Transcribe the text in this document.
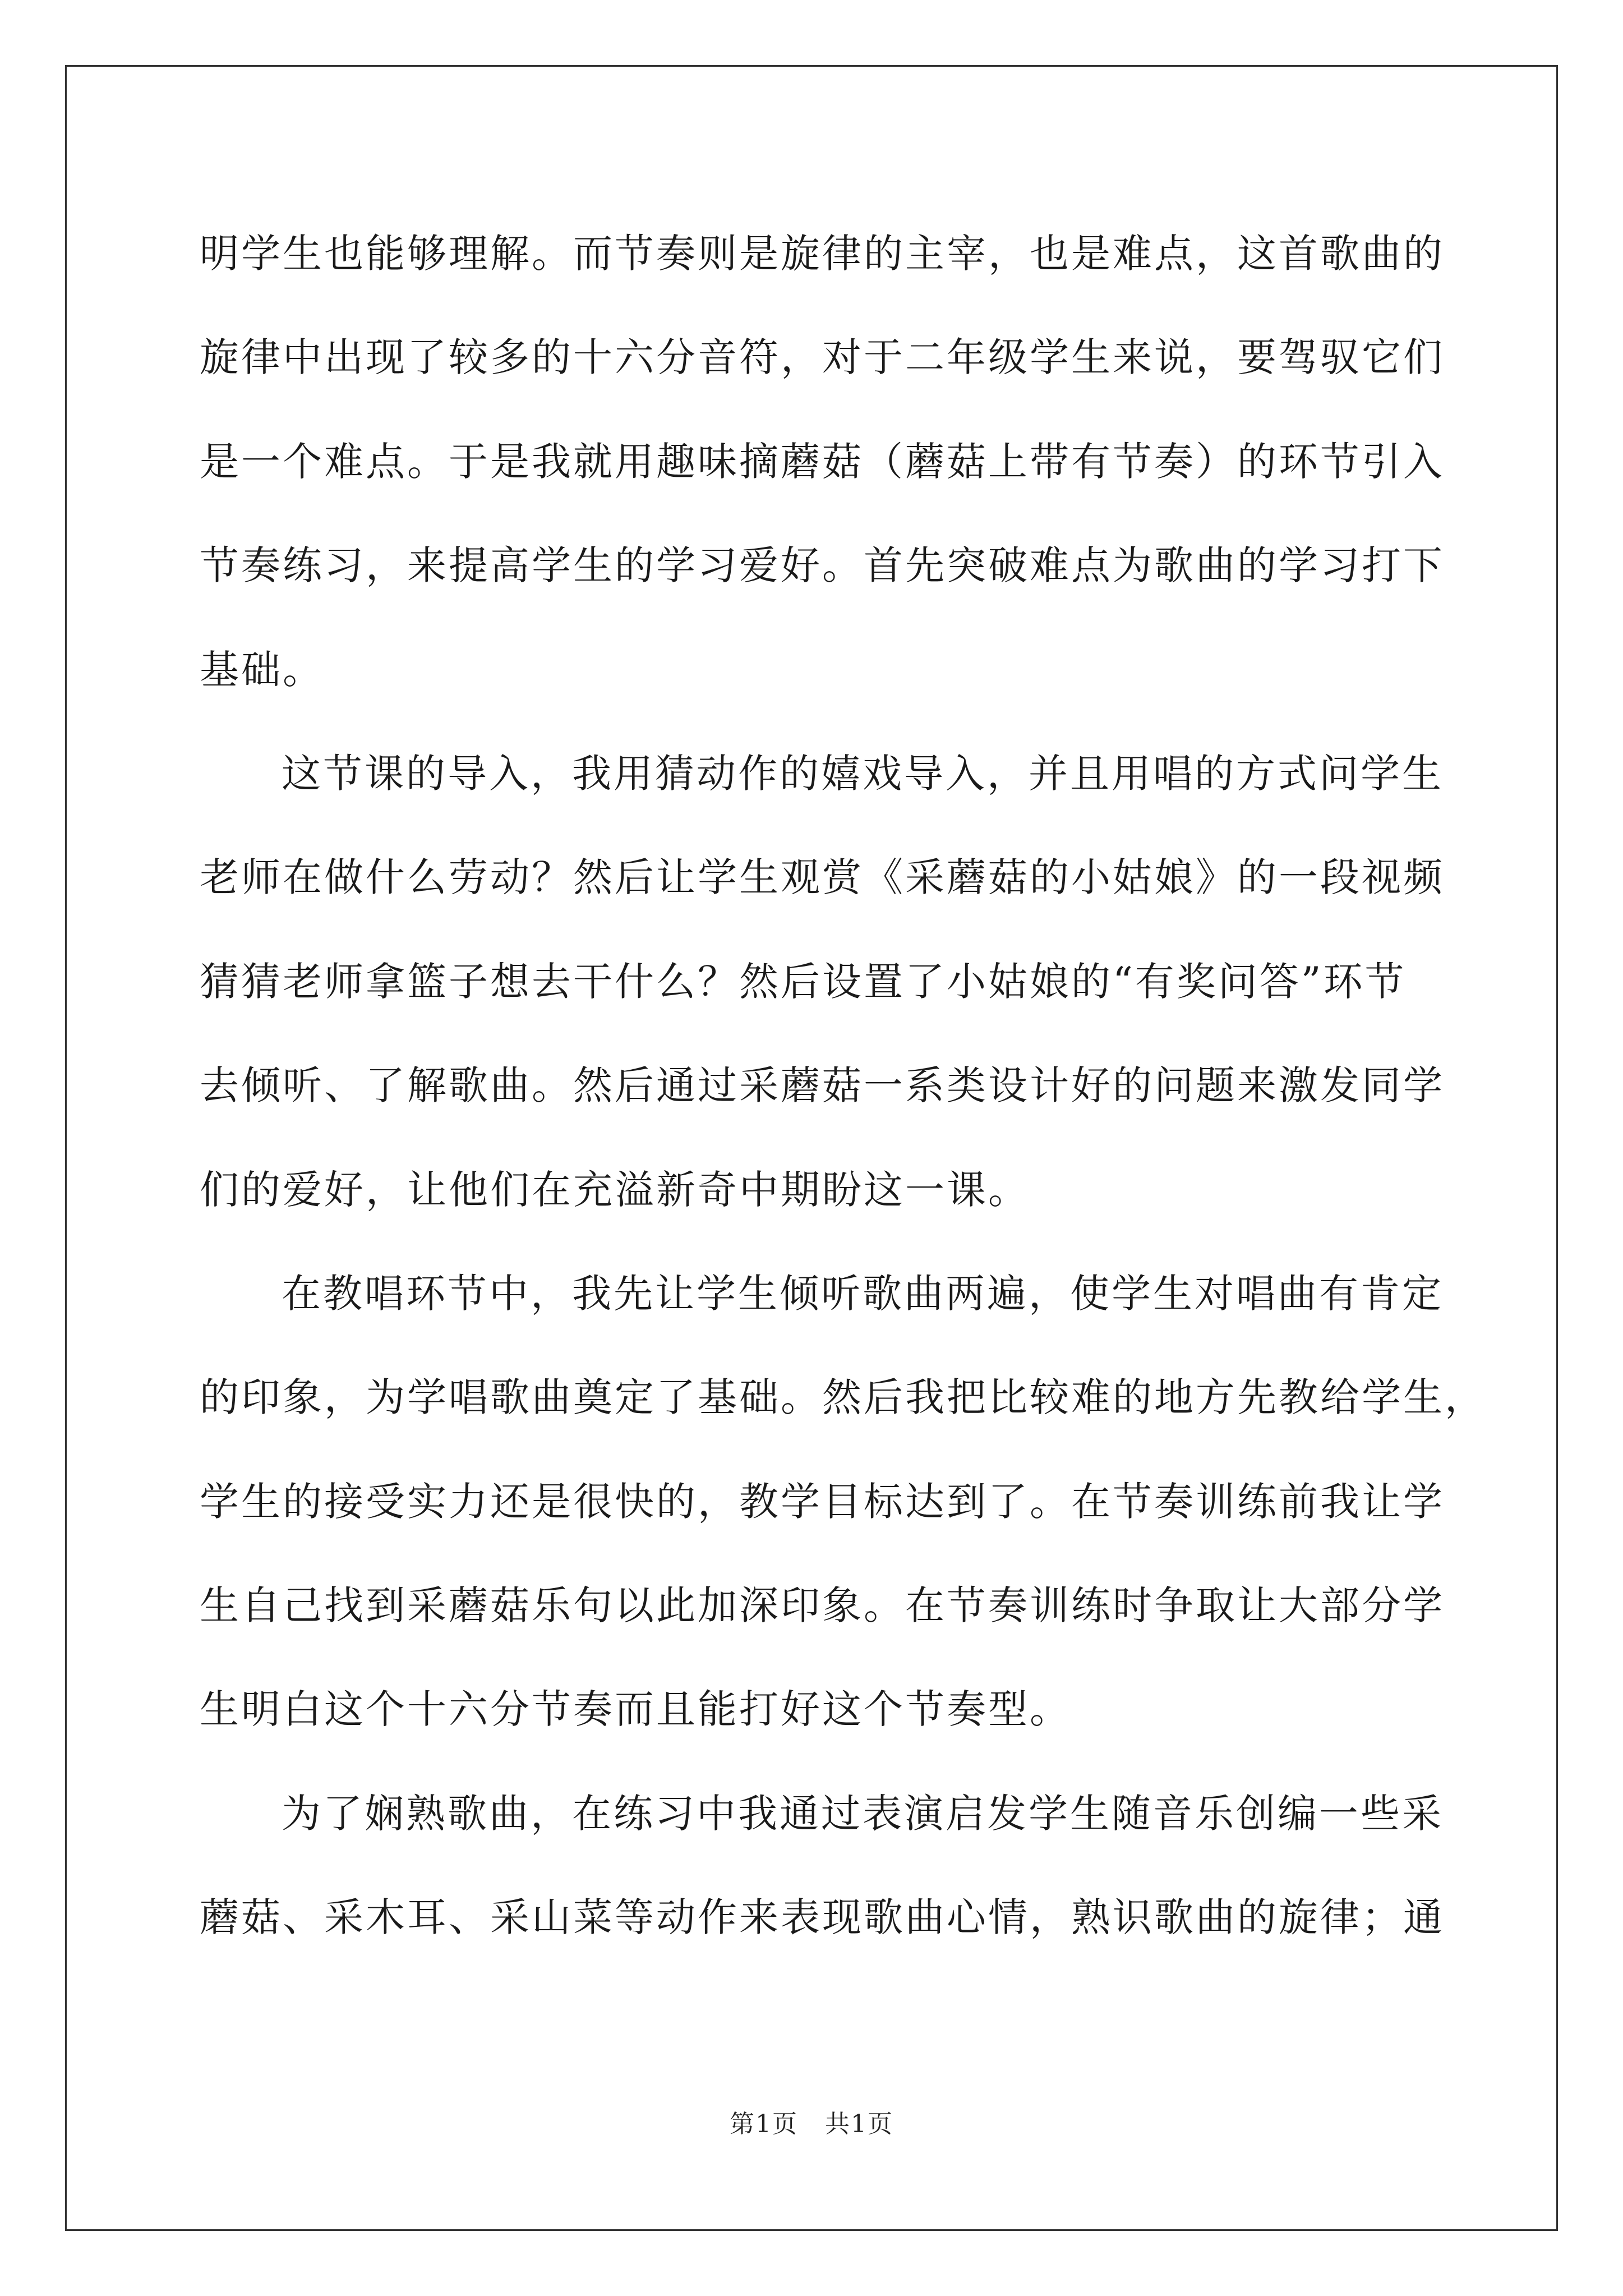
明学生也能够理解。而节奏则是旋律的主宰，也是难点，这首歌曲的
旋律中出现了较多的十六分音符，对于二年级学生来说，要驾驭它们
是一个难点。于是我就用趣味摘蘑菇（蘑菇上带有节奏）的环节引入
节奏练习，来提高学生的学习爱好。首先突破难点为歌曲的学习打下
基础。
这节课的导入，我用猜动作的嬉戏导入，并且用唱的方式问学生
老师在做什么劳动？然后让学生观赏《采蘑菇的小姑娘》的一段视频
猜猜老师拿篮子想去干什么？然后设置了小姑娘的“有奖问答”环节
去倾听、了解歌曲。然后通过采蘑菇一系类设计好的问题来激发同学
们的爱好，让他们在充溢新奇中期盼这一课。
在教唱环节中，我先让学生倾听歌曲两遍，使学生对唱曲有肯定
的印象，为学唱歌曲奠定了基础。然后我把比较难的地方先教给学生，
学生的接受实力还是很快的，教学目标达到了。在节奏训练前我让学
生自己找到采蘑菇乐句以此加深印象。在节奏训练时争取让大部分学
生明白这个十六分节奏而且能打好这个节奏型。
为了娴熟歌曲，在练习中我通过表演启发学生随音乐创编一些采
蘑菇、采木耳、采山菜等动作来表现歌曲心情，熟识歌曲的旋律；通
第1页 共1页
